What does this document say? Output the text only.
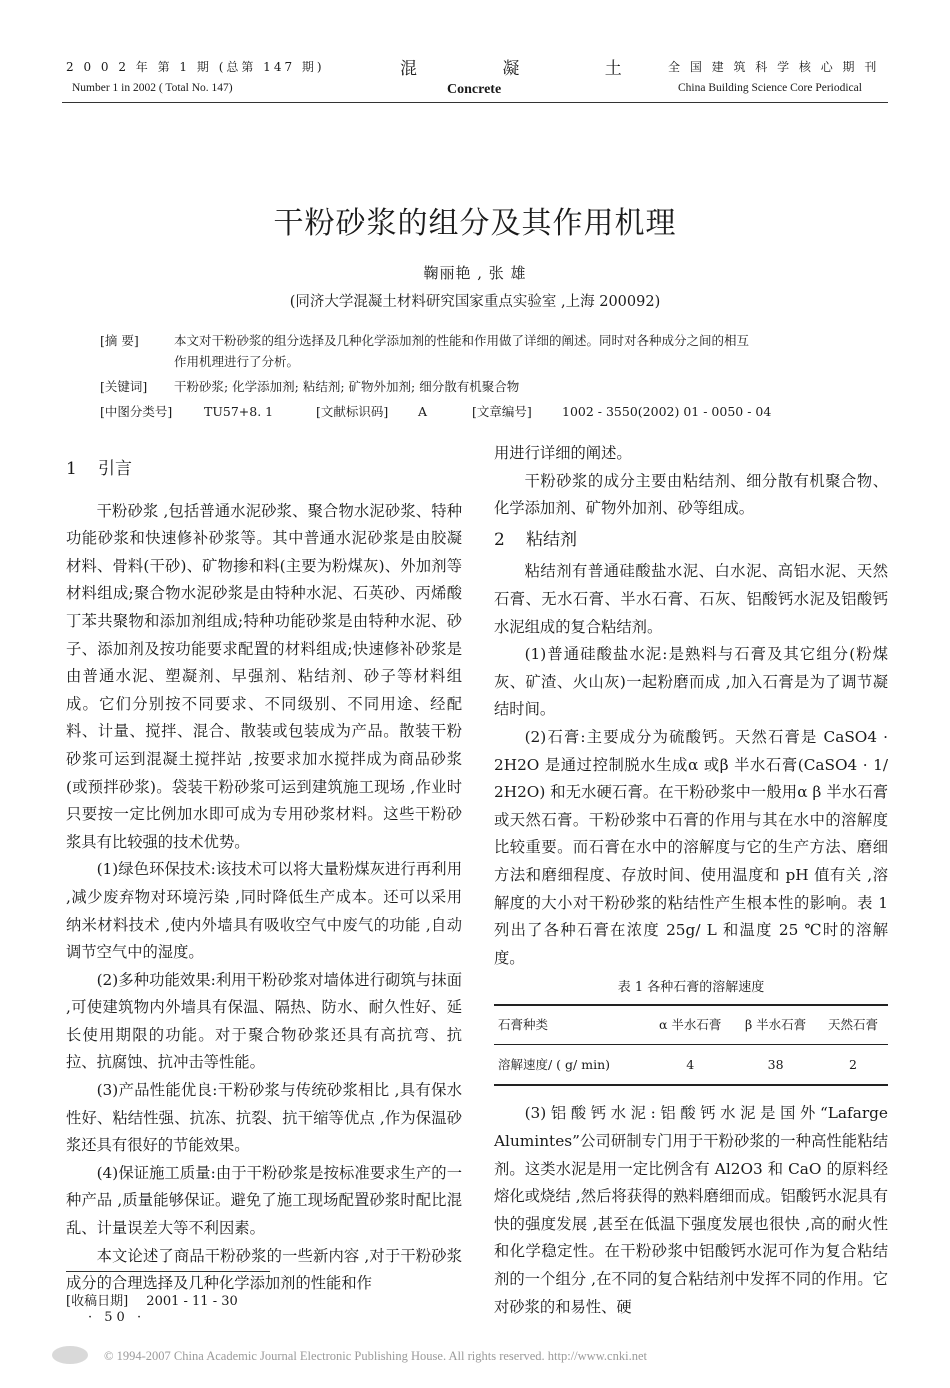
2 0 0 2 年 第 1 期 (总第 147 期)
Number 1 in 2002 ( Total No. 147)
混 凝 土
Concrete
全 国 建 筑 科 学 核 心 期 刊
China Building Science Core Periodical
干粉砂浆的组分及其作用机理
鞠丽艳 , 张 雄
(同济大学混凝土材料研究国家重点实验室 ,上海 200092)
[摘 要]	本文对干粉砂浆的组分选择及几种化学添加剂的性能和作用做了详细的阐述。同时对各种成分之间的相互
作用机理进行了分析。
[关键词]	干粉砂浆; 化学添加剂; 粘结剂; 矿物外加剂; 细分散有机聚合物
[中图分类号]	TU57+8. 1	[文献标识码] A	[文章编号] 1002 - 3550(2002) 01 - 0050 - 04
1 引言

干粉砂浆 ,包括普通水泥砂浆、聚合物水泥砂浆、特种功能砂浆和快速修补砂浆等。其中普通水泥砂浆是由胶凝材料、骨料(干砂)、矿物掺和料(主要为粉煤灰)、外加剂等材料组成;聚合物水泥砂浆是由特种水泥、石英砂、丙烯酸丁苯共聚物和添加剂组成;特种功能砂浆是由特种水泥、砂子、添加剂及按功能要求配置的材料组成;快速修补砂浆是由普通水泥、塑凝剂、早强剂、粘结剂、砂子等材料组成。它们分别按不同要求、不同级别、不同用途、经配料、计量、搅拌、混合、散装或包装成为产品。散装干粉砂浆可运到混凝土搅拌站 ,按要求加水搅拌成为商品砂浆(或预拌砂浆)。袋装干粉砂浆可运到建筑施工现场 ,作业时只要按一定比例加水即可成为专用砂浆材料。这些干粉砂浆具有比较强的技术优势。

(1)绿色环保技术:该技术可以将大量粉煤灰进行再利用 ,减少废弃物对环境污染 ,同时降低生产成本。还可以采用纳米材料技术 ,使内外墙具有吸收空气中废气的功能 ,自动调节空气中的湿度。

(2)多种功能效果:利用干粉砂浆对墙体进行砌筑与抹面 ,可使建筑物内外墙具有保温、隔热、防水、耐久性好、延长使用期限的功能。对于聚合物砂浆还具有高抗弯、抗拉、抗腐蚀、抗冲击等性能。

(3)产品性能优良:干粉砂浆与传统砂浆相比 ,具有保水性好、粘结性强、抗冻、抗裂、抗干缩等优点 ,作为保温砂浆还具有很好的节能效果。

(4)保证施工质量:由于干粉砂浆是按标准要求生产的一种产品 ,质量能够保证。避免了施工现场配置砂浆时配比混乱、计量误差大等不利因素。

本文论述了商品干粉砂浆的一些新内容 ,对于干粉砂浆成分的合理选择及几种化学添加剂的性能和作

用进行详细的阐述。

干粉砂浆的成分主要由粘结剂、细分散有机聚合物、化学添加剂、矿物外加剂、砂等组成。

2 粘结剂

粘结剂有普通硅酸盐水泥、白水泥、高铝水泥、天然石膏、无水石膏、半水石膏、石灰、铝酸钙水泥及铝酸钙水泥组成的复合粘结剂。

(1)普通硅酸盐水泥:是熟料与石膏及其它组分(粉煤灰、矿渣、火山灰)一起粉磨而成 ,加入石膏是为了调节凝结时间。

(2)石膏:主要成分为硫酸钙。天然石膏是 CaSO4 · 2H2O 是通过控制脱水生成α 或β 半水石膏(CaSO4 · 1/ 2H2O) 和无水硬石膏。在干粉砂浆中一般用α β 半水石膏或天然石膏。干粉砂浆中石膏的作用与其在水中的溶解度比较重要。而石膏在水中的溶解度与它的生产方法、磨细方法和磨细程度、存放时间、使用温度和 pH 值有关 ,溶解度的大小对干粉砂浆的粘结性产生根本性的影响。表 1 列出了各种石膏在浓度 25g/ L 和温度 25 ℃时的溶解度。

表 1 各种石膏的溶解速度
石膏种类	α 半水石膏	β 半水石膏	天然石膏
溶解速度/ ( g/ min)	4	38	2

(3)铝酸钙水泥:铝酸钙水泥是国外“Lafarge Alumintes”公司研制专门用于干粉砂浆的一种高性能粘结剂。这类水泥是用一定比例含有 Al2O3 和 CaO 的原料经熔化或烧结 ,然后将获得的熟料磨细而成。铝酸钙水泥具有快的强度发展 ,甚至在低温下强度发展也很快 ,高的耐火性和化学稳定性。在干粉砂浆中铝酸钙水泥可作为复合粘结剂的一个组分 ,在不同的复合粘结剂中发挥不同的作用。它对砂浆的和易性、硬

[收稿日期] 2001 - 11 - 30
· 50 ·
© 1994-2007 China Academic Journal Electronic Publishing House. All rights reserved. http://www.cnki.net
